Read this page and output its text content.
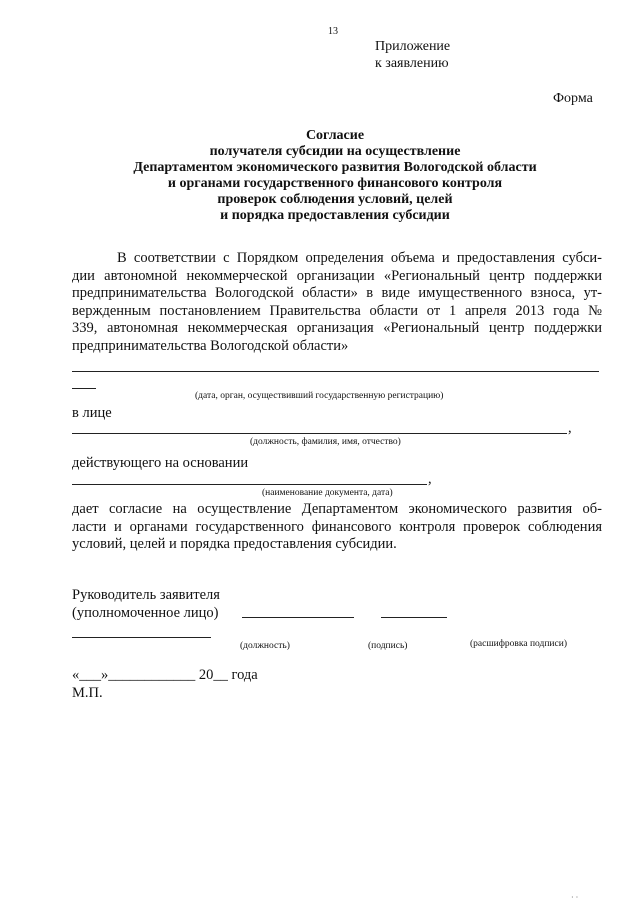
13
Приложение
к заявлению
Форма
Согласие
получателя субсидии на осуществление
Департаментом экономического развития Вологодской области
и органами государственного финансового контроля
проверок соблюдения условий, целей
и порядка предоставления субсидии
В соответствии с Порядком определения объема и предоставления субси-
дии автономной некоммерческой организации «Региональный центр поддержки
предпринимательства Вологодской области» в виде имущественного взноса, ут-
вержденным постановлением Правительства области от 1 апреля 2013 года №
339, автономная некоммерческая организация «Региональный центр поддержки
предпринимательства Вологодской области»
(дата, орган, осуществивший государственную регистрацию)
в лице
,
(должность, фамилия, имя, отчество)
действующего на основании
,
(наименование документа, дата)
дает согласие на осуществление Департаментом экономического развития об-
ласти и органами государственного финансового контроля проверок соблюдения
условий, целей и порядка предоставления субсидии.
Руководитель заявителя
(уполномоченное лицо)
(должность)	(подпись)	(расшифровка подписи)
«___»____________ 20__ года
М.П.
· ·
